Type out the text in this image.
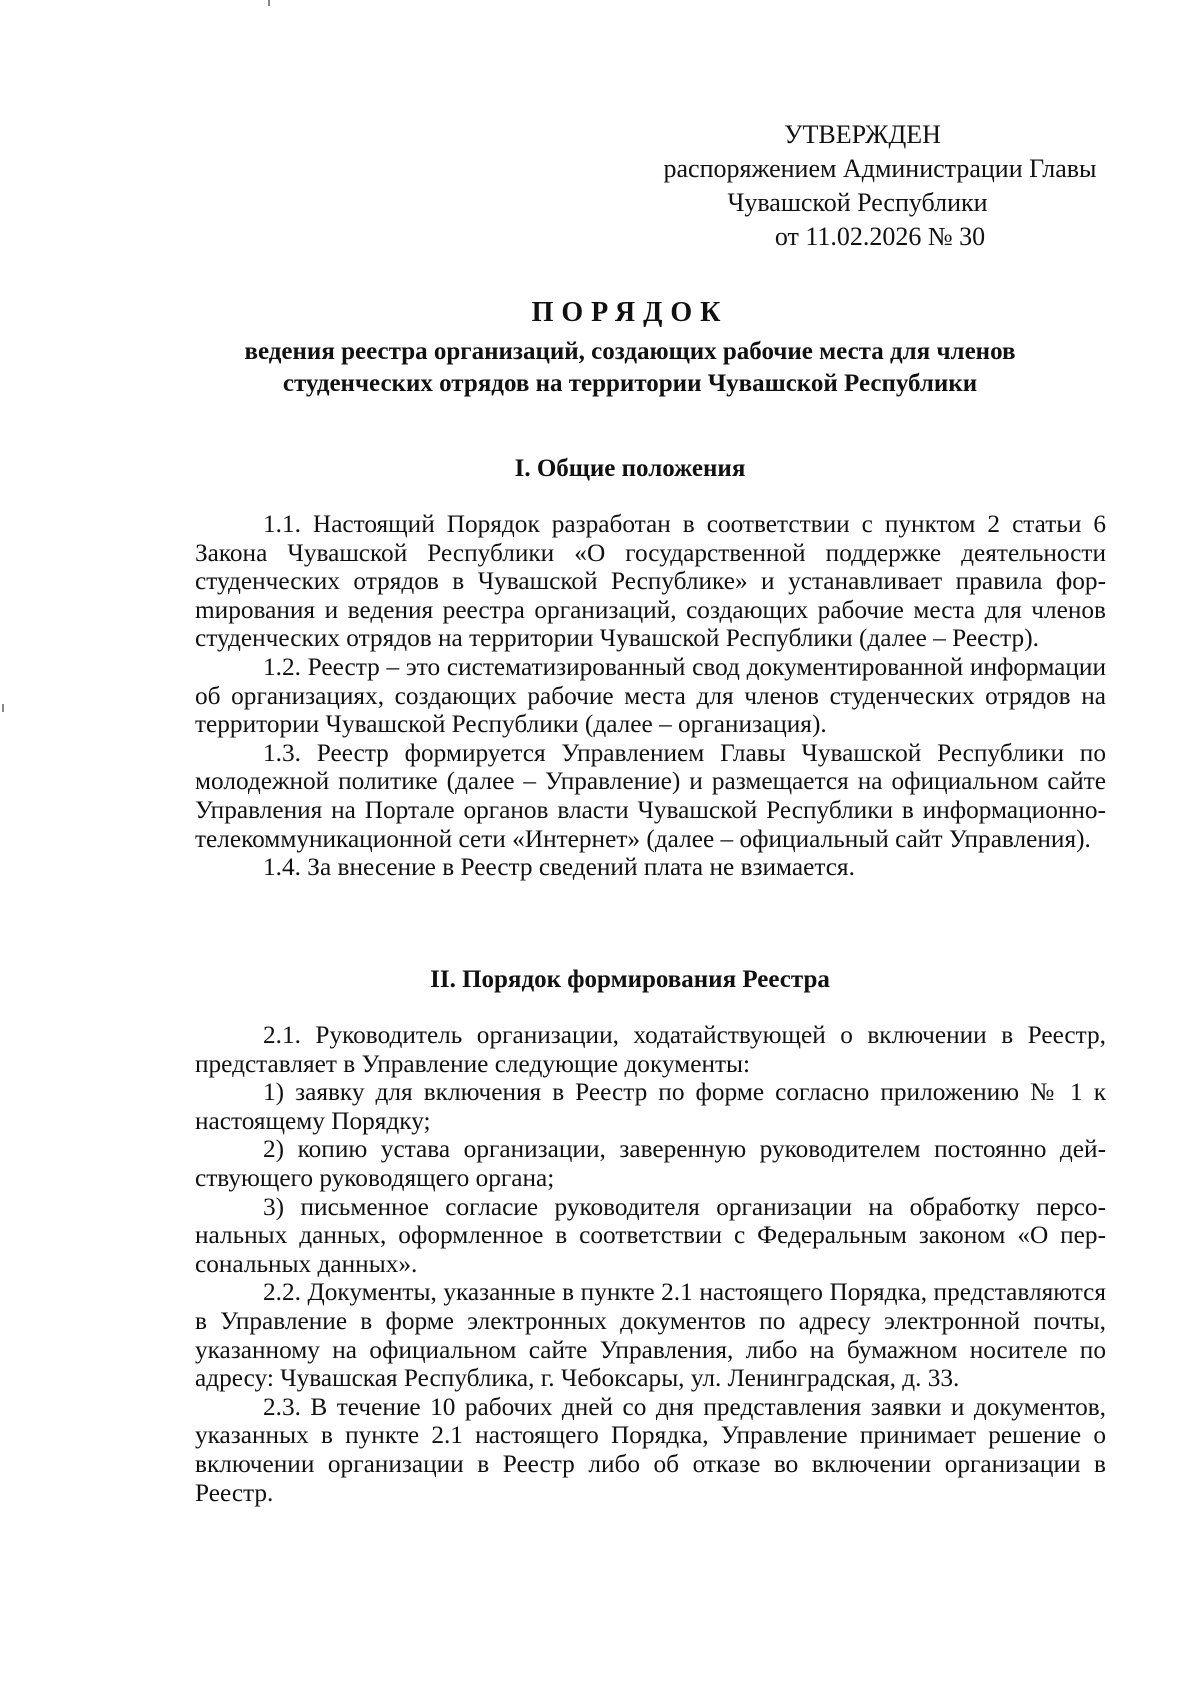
УТВЕРЖДЕН
распоряжением Администрации Главы
Чувашской Республики
от 11.02.2026 № 30
ПОРЯДОК
ведения реестра организаций, создающих рабочие места для членов студенческих отрядов на территории Чувашской Республики
I. Общие положения

1.1. Настоящий Порядок разработан в соответствии с пунктом 2 статьи 6 Закона Чувашской Республики «О государственной поддержке деятельности студенческих отрядов в Чувашской Республике» и устанавливает правила форmирования и ведения реестра организаций, создающих рабочие места для членов студенческих отрядов на территории Чувашской Республики (далее – Реестр).

1.2. Реестр – это систематизированный свод документированной информации об организациях, создающих рабочие места для членов студенческих отрядов на территории Чувашской Республики (далее – организация).

1.3. Реестр формируется Управлением Главы Чувашской Республики по молодежной политике (далее – Управление) и размещается на официальном сайте Управления на Портале органов власти Чувашской Республики в информационно-телекоммуникационной сети «Интернет» (далее – официальный сайт Управления).

1.4. За внесение в Реестр сведений плата не взимается.

II. Порядок формирования Реестра

2.1. Руководитель организации, ходатайствующей о включении в Реестр, представляет в Управление следующие документы:

1) заявку для включения в Реестр по форме согласно приложению № 1 к настоящему Порядку;

2) копию устава организации, заверенную руководителем постоянно действующего руководящего органа;

3) письменное согласие руководителя организации на обработку персональных данных, оформленное в соответствии с Федеральным законом «О персональных данных».

2.2. Документы, указанные в пункте 2.1 настоящего Порядка, представляются в Управление в форме электронных документов по адресу электронной почты, указанному на официальном сайте Управления, либо на бумажном носителе по адресу: Чувашская Республика, г. Чебоксары, ул. Ленинградская, д. 33.

2.3. В течение 10 рабочих дней со дня представления заявки и документов, указанных в пункте 2.1 настоящего Порядка, Управление принимает решение о включении организации в Реестр либо об отказе во включении организации в Реестр.
